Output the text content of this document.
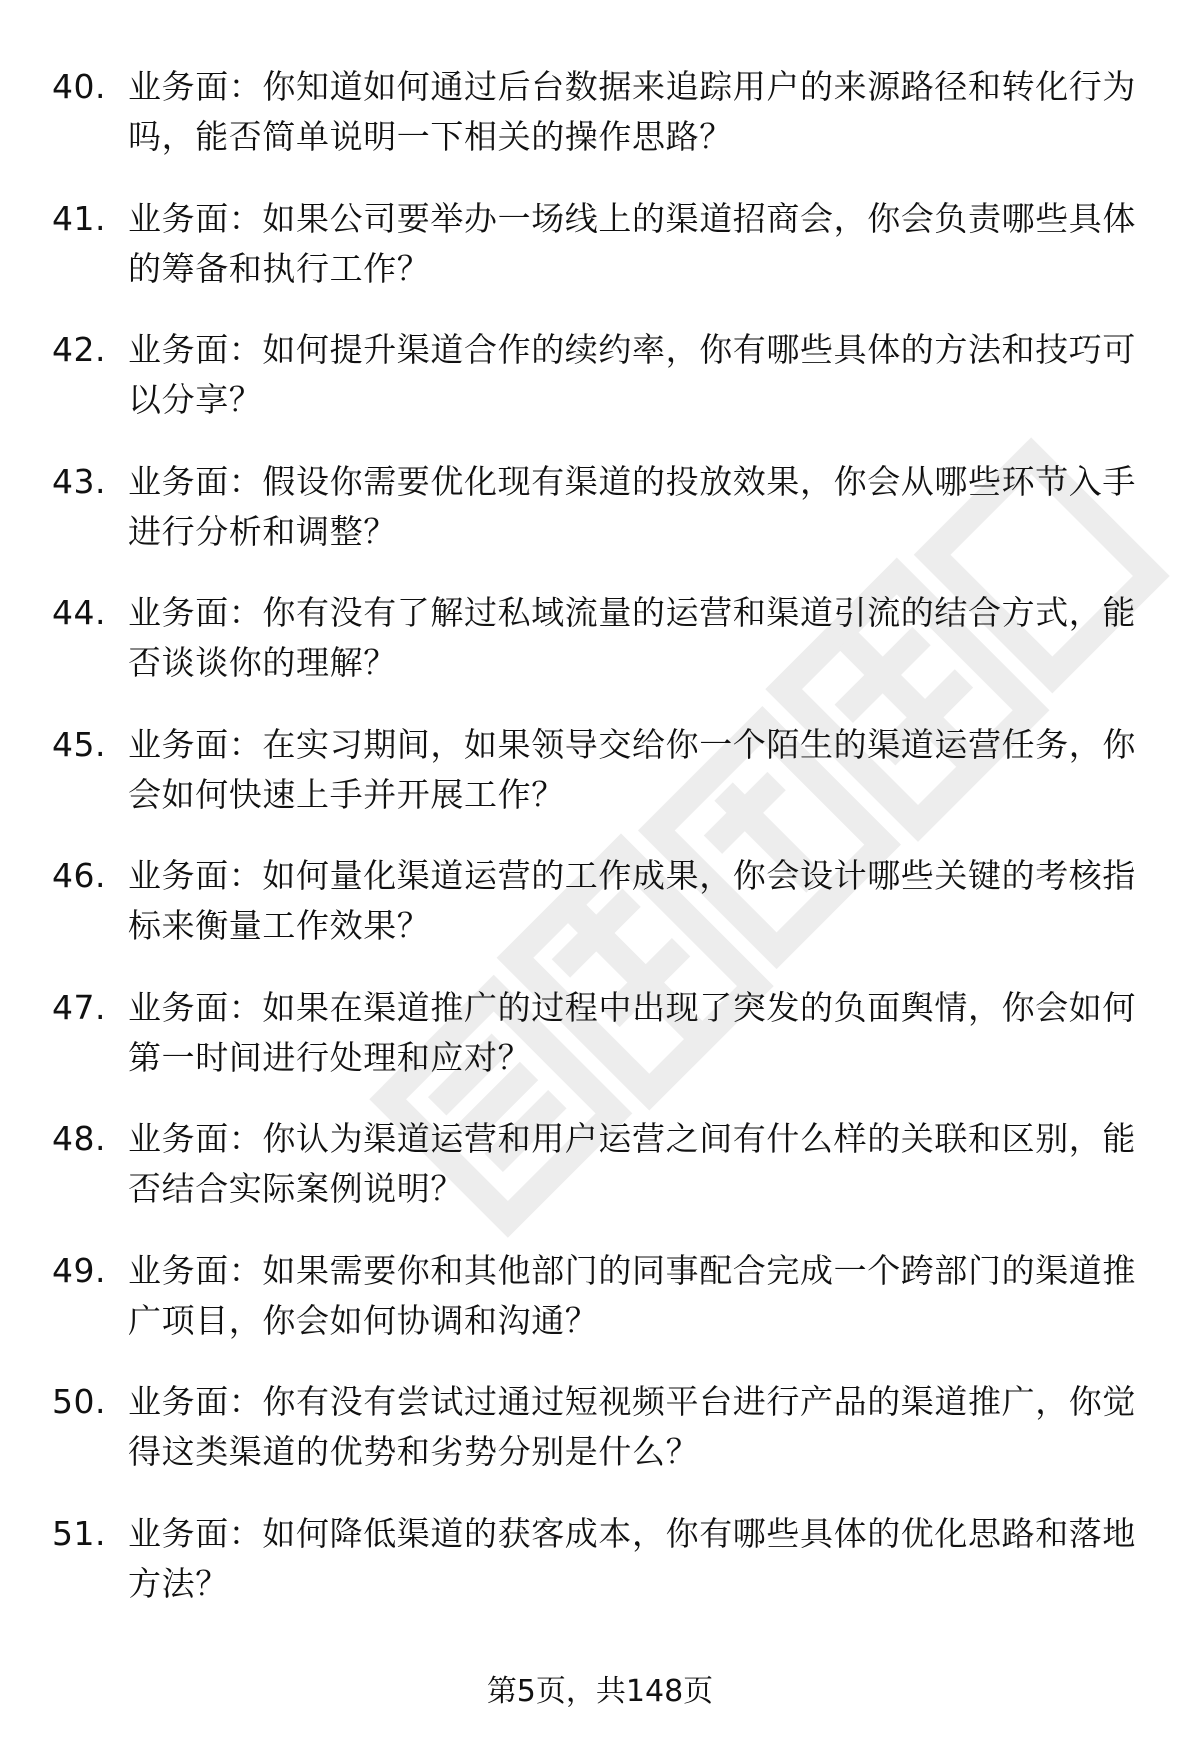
40. 业务面：你知道如何通过后台数据来追踪用户的来源路径和转化行为吗，能否简单说明一下相关的操作思路？
41. 业务面：如果公司要举办一场线上的渠道招商会，你会负责哪些具体的筹备和执行工作？
42. 业务面：如何提升渠道合作的续约率，你有哪些具体的方法和技巧可以分享？
43. 业务面：假设你需要优化现有渠道的投放效果，你会从哪些环节入手进行分析和调整？
44. 业务面：你有没有了解过私域流量的运营和渠道引流的结合方式，能否谈谈你的理解？
45. 业务面：在实习期间，如果领导交给你一个陌生的渠道运营任务，你会如何快速上手并开展工作？
46. 业务面：如何量化渠道运营的工作成果，你会设计哪些关键的考核指标来衡量工作效果？
47. 业务面：如果在渠道推广的过程中出现了突发的负面舆情，你会如何第一时间进行处理和应对？
48. 业务面：你认为渠道运营和用户运营之间有什么样的关联和区别，能否结合实际案例说明？
49. 业务面：如果需要你和其他部门的同事配合完成一个跨部门的渠道推广项目，你会如何协调和沟通？
50. 业务面：你有没有尝试过通过短视频平台进行产品的渠道推广，你觉得这类渠道的优势和劣势分别是什么？
51. 业务面：如何降低渠道的获客成本，你有哪些具体的优化思路和落地方法？
第5页，共148页
